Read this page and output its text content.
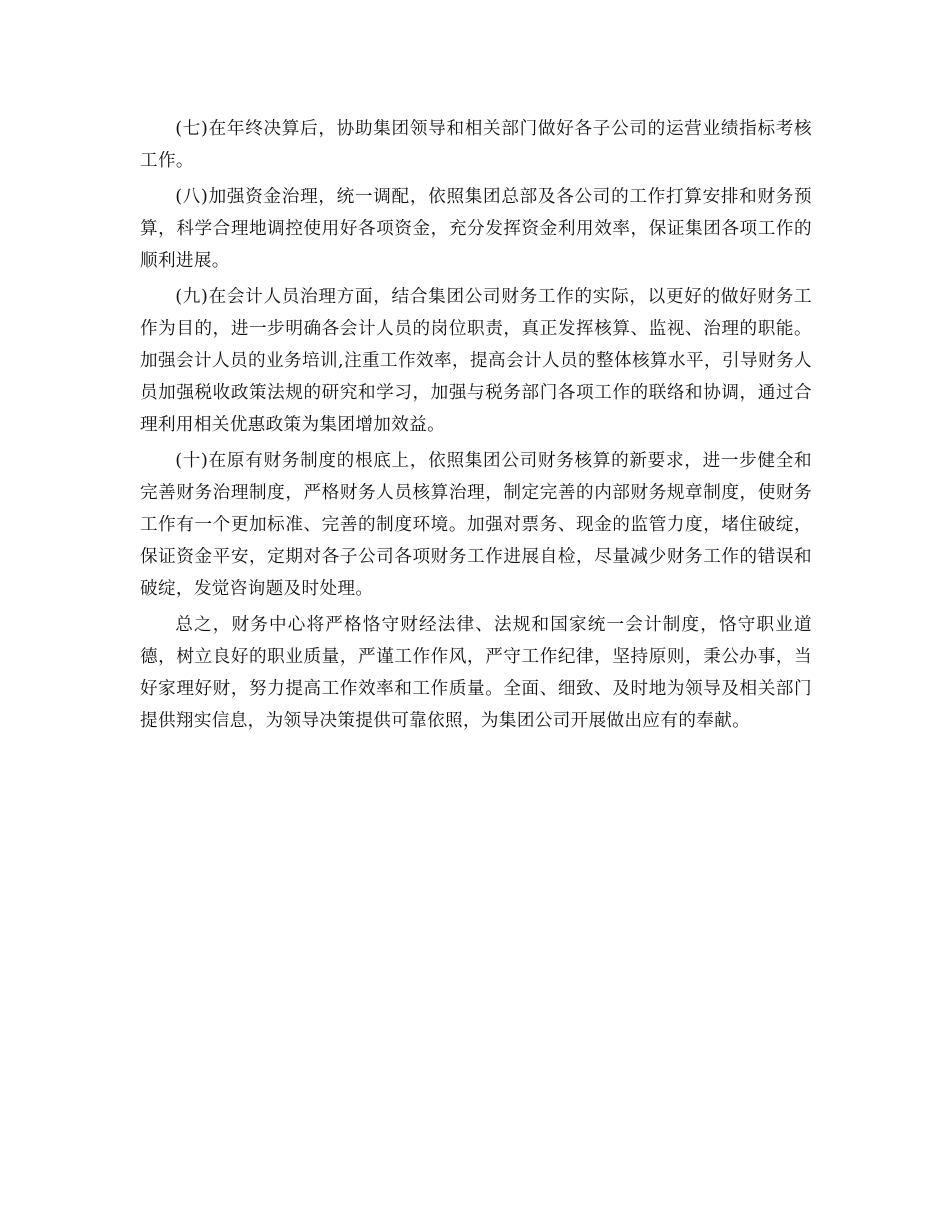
(七)在年终决算后，协助集团领导和相关部门做好各子公司的运营业绩指标考核工作。

(八)加强资金治理，统一调配，依照集团总部及各公司的工作打算安排和财务预算，科学合理地调控使用好各项资金，充分发挥资金利用效率，保证集团各项工作的顺利进展。

(九)在会计人员治理方面，结合集团公司财务工作的实际，以更好的做好财务工作为目的，进一步明确各会计人员的岗位职责，真正发挥核算、监视、治理的职能。加强会计人员的业务培训,注重工作效率，提高会计人员的整体核算水平，引导财务人员加强税收政策法规的研究和学习，加强与税务部门各项工作的联络和协调，通过合理利用相关优惠政策为集团增加效益。

(十)在原有财务制度的根底上，依照集团公司财务核算的新要求，进一步健全和完善财务治理制度，严格财务人员核算治理，制定完善的内部财务规章制度，使财务工作有一个更加标准、完善的制度环境。加强对票务、现金的监管力度，堵住破绽，保证资金平安，定期对各子公司各项财务工作进展自检，尽量减少财务工作的错误和破绽，发觉咨询题及时处理。

总之，财务中心将严格恪守财经法律、法规和国家统一会计制度，恪守职业道德，树立良好的职业质量，严谨工作作风，严守工作纪律，坚持原则，秉公办事，当好家理好财，努力提高工作效率和工作质量。全面、细致、及时地为领导及相关部门提供翔实信息，为领导决策提供可靠依照，为集团公司开展做出应有的奉献。
